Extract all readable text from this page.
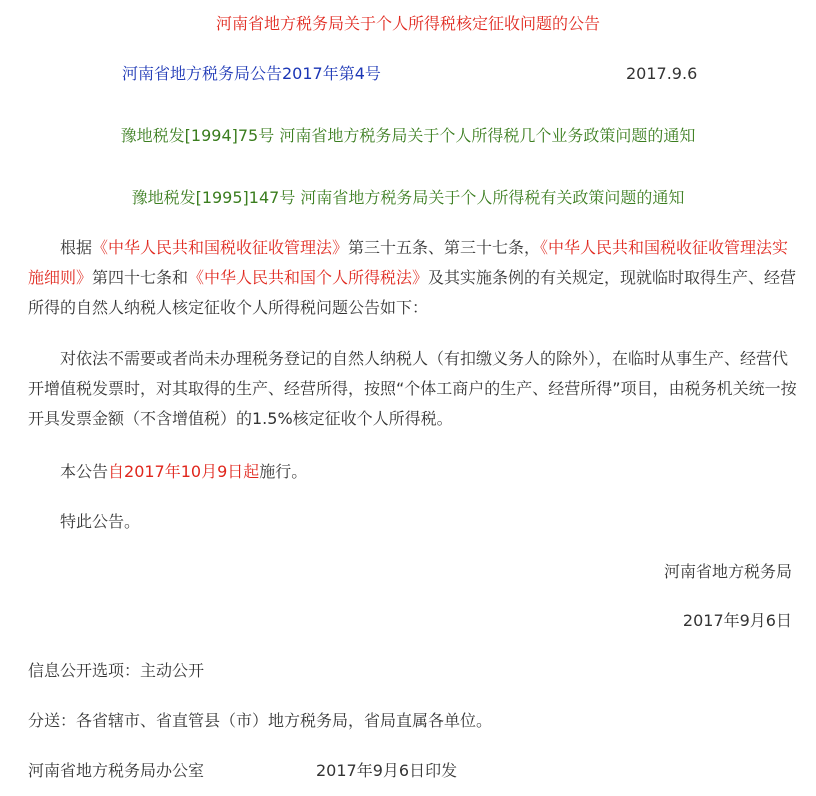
河南省地方税务局关于个人所得税核定征收问题的公告
河南省地方税务局公告2017年第4号	2017.9.6
豫地税发[1994]75号 河南省地方税务局关于个人所得税几个业务政策问题的通知
豫地税发[1995]147号 河南省地方税务局关于个人所得税有关政策问题的通知
根据《中华人民共和国税收征收管理法》第三十五条、第三十七条，《中华人民共和国税收征收管理法实施细则》第四十七条和《中华人民共和国个人所得税法》及其实施条例的有关规定，现就临时取得生产、经营所得的自然人纳税人核定征收个人所得税问题公告如下：
对依法不需要或者尚未办理税务登记的自然人纳税人（有扣缴义务人的除外），在临时从事生产、经营代开增值税发票时，对其取得的生产、经营所得，按照“个体工商户的生产、经营所得”项目，由税务机关统一按开具发票金额（不含增值税）的1.5%核定征收个人所得税。
本公告自2017年10月9日起施行。
特此公告。
河南省地方税务局
2017年9月6日
信息公开选项：主动公开
分送：各省辖市、省直管县（市）地方税务局，省局直属各单位。
河南省地方税务局办公室	2017年9月6日印发
